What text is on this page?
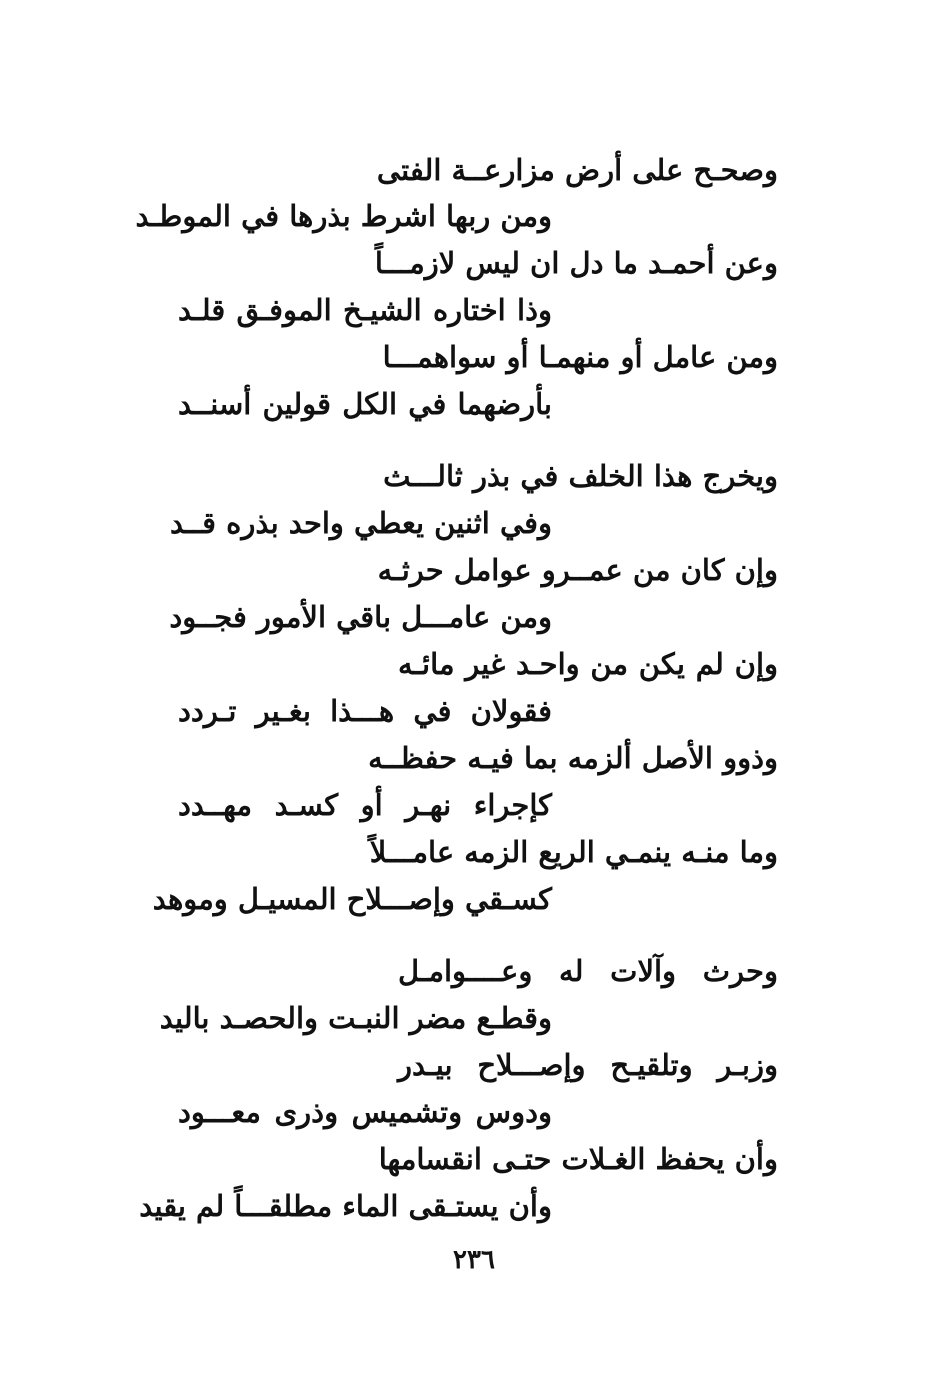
وصحـح على أرض مزارعــة الفتى
ومن ربها اشرط بذرها في الموطـد
وعن أحمـد ما دل ان ليس لازمـــاً
وذا اختاره الشيـخ الموفـق قلـد
ومن عامل أو منهمـا أو سواهمـــا
بأرضهما في الكل قولين أسنــد
ويخرج هذا الخلف في بذر ثالـــث
وفي اثنين يعطي واحد بذره قــد
وإن كان من عمــرو عوامل حرثـه
ومن عامـــل باقي الأمور فجــود
وإن لم يكن من واحـد غير مائـه
فقولان في هـــذا بغـير تـردد
وذوو الأصل ألزمه بما فيـه حفظــه
كإجراء نهـر أو كسـد مهــدد
وما منـه ينمـي الريع الزمه عامـــلاً
كسـقي وإصـــلاح المسيـل وموهد
وحرث وآلات له وعــــوامـل
وقطـع مضر النبـت والحصـد باليد
وزبـر وتلقيـح وإصـــلاح بيـدر
ودوس وتشميس وذرى معـــود
وأن يحفظ الغـلات حتـى انقسامها
وأن يستـقى الماء مطلقـــاً لم يقيد
٢٣٦
